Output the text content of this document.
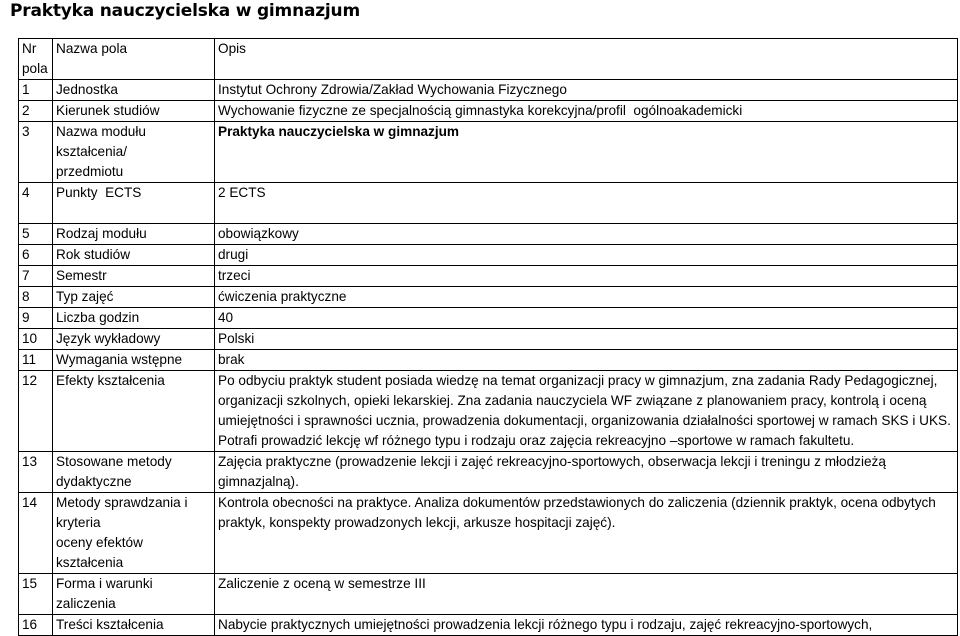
Praktyka nauczycielska w gimnazjum
Nr
pola	Nazwa pola	Opis
1	Jednostka	Instytut Ochrony Zdrowia/Zakład Wychowania Fizycznego
2	Kierunek studiów	Wychowanie fizyczne ze specjalnością gimnastyka korekcyjna/profil  ogólnoakademicki
3	Nazwa modułu
kształcenia/
przedmiotu	Praktyka nauczycielska w gimnazjum
4	Punkty  ECTS	2 ECTS
5	Rodzaj modułu	obowiązkowy
6	Rok studiów	drugi
7	Semestr	trzeci
8	Typ zajęć	ćwiczenia praktyczne
9	Liczba godzin	40
10	Język wykładowy	Polski
11	Wymagania wstępne	brak
12	Efekty kształcenia	Po odbyciu praktyk student posiada wiedzę na temat organizacji pracy w gimnazjum, zna zadania Rady Pedagogicznej, organizacji szkolnych, opieki lekarskiej. Zna zadania nauczyciela WF związane z planowaniem pracy, kontrolą i oceną umiejętności i sprawności ucznia, prowadzenia dokumentacji, organizowania działalności sportowej w ramach SKS i UKS. Potrafi prowadzić lekcję wf różnego typu i rodzaju oraz zajęcia rekreacyjno –sportowe w ramach fakultetu.
13	Stosowane metody
dydaktyczne	Zajęcia praktyczne (prowadzenie lekcji i zajęć rekreacyjno-sportowych, obserwacja lekcji i treningu z młodzieżą gimnazjalną).
14	Metody sprawdzania i
kryteria
oceny efektów
kształcenia	Kontrola obecności na praktyce. Analiza dokumentów przedstawionych do zaliczenia (dziennik praktyk, ocena odbytych praktyk, konspekty prowadzonych lekcji, arkusze hospitacji zajęć).
15	Forma i warunki
zaliczenia	Zaliczenie z oceną w semestrze III
16	Treści kształcenia	Nabycie praktycznych umiejętności prowadzenia lekcji różnego typu i rodzaju, zajęć rekreacyjno-sportowych,
